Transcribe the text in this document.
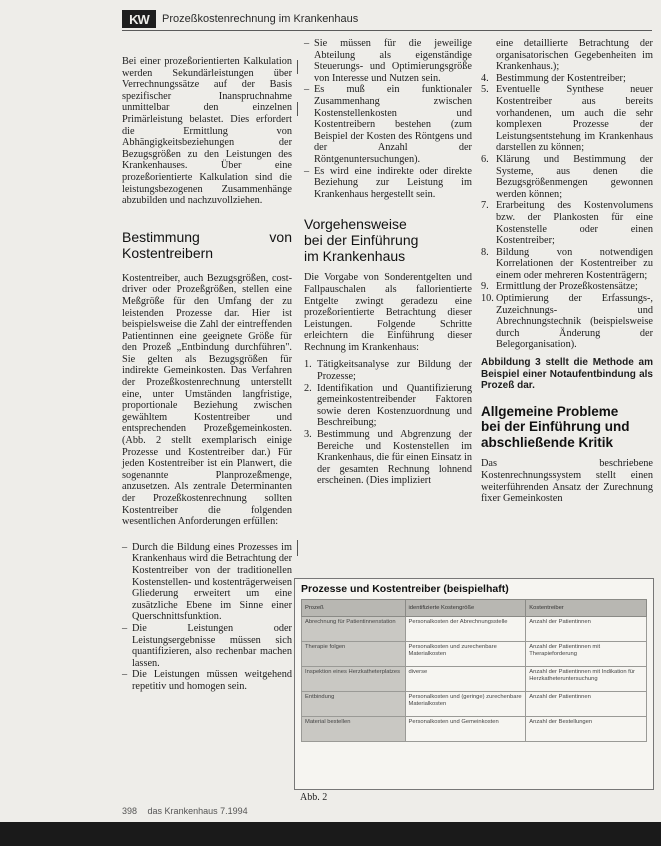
KW	Prozeßkostenrechnung im Krankenhaus

Bei einer prozeßorientierten Kalkulation werden Sekundärleistungen über Verrechnungssätze auf der Basis spezifischer Inanspruchnahme unmittelbar den einzelnen Primärleistung belastet. Dies erfordert die Ermittlung von Abhängigkeitsbeziehungen der Bezugsgrößen zu den Leistungen des Krankenhauses. Über eine prozeßorientierte Kalkulation sind die leistungsbezogenen Zusammenhänge abzubilden und nachzuvollziehen.

Bestimmung von Kostentreibern

Kostentreiber, auch Bezugsgrößen, cost-driver oder Prozeßgrößen, stellen eine Meßgröße für den Umfang der zu leistenden Prozesse dar. Hier ist beispielsweise die Zahl der eintreffenden Patientinnen eine geeignete Größe für den Prozeß „Entbindung durchführen". Sie gelten als Bezugsgrößen für indirekte Gemeinkosten. Das Verfahren der Prozeßkostenrechnung unterstellt eine, unter Umständen langfristige, proportionale Beziehung zwischen gewähltem Kostentreiber und entsprechenden Prozeßgemeinkosten. (Abb. 2 stellt exemplarisch einige Prozesse und Kostentreiber dar.) Für jeden Kostentreiber ist ein Planwert, die sogenannte Planprozeßmenge, anzusetzen. Als zentrale Determinanten der Prozeßkostenrechnung sollten Kostentreiber die folgenden wesentlichen Anforderungen erfüllen:

– Durch die Bildung eines Prozesses im Krankenhaus wird die Betrachtung der Kostentreiber von der traditionellen Kostenstellen- und kostenträgerweisen Gliederung erweitert um eine zusätzliche Ebene im Sinne einer Querschnittsfunktion.
– Die Leistungen oder Leistungsergebnisse müssen sich quantifizieren, also rechenbar machen lassen.
– Die Leistungen müssen weitgehend repetitiv und homogen sein.
– Sie müssen für die jeweilige Abteilung als eigenständige Steuerungs- und Optimierungsgröße von Interesse und Nutzen sein.
– Es muß ein funktionaler Zusammenhang zwischen Kostenstellenkosten und Kostentreibern bestehen (zum Beispiel der Kosten des Röntgens und der Anzahl der Röntgenuntersuchungen).
– Es wird eine indirekte oder direkte Beziehung zur Leistung im Krankenhaus hergestellt sein.
Vorgehensweise
bei der Einführung
im Krankenhaus

Die Vorgabe von Sonderentgelten und Fallpauschalen als fallorientierte Entgelte zwingt geradezu eine prozeßorientierte Betrachtung dieser Leistungen. Folgende Schritte erleichtern die Einführung dieser Rechnung im Krankenhaus:

1. Tätigkeitsanalyse zur Bildung der Prozesse;
2. Identifikation und Quantifizierung gemeinkostentreibender Faktoren sowie deren Kostenzuordnung und Beschreibung;
3. Bestimmung und Abgrenzung der Bereiche und Kostenstellen im Krankenhaus, die für einen Einsatz in der gesamten Rechnung lohnend erscheinen. (Dies impliziert
eine detaillierte Betrachtung der organisatorischen Gegebenheiten im Krankenhaus.);
4. Bestimmung der Kostentreiber;
5. Eventuelle Synthese neuer Kostentreiber aus bereits vorhandenen, um auch die sehr komplexen Prozesse der Leistungsentstehung im Krankenhaus darstellen zu können;
6. Klärung und Bestimmung der Systeme, aus denen die Bezugsgrößenmengen gewonnen werden können;
7. Erarbeitung des Kostenvolumens bzw. der Plankosten für eine Kostenstelle oder einen Kostentreiber;
8. Bildung von notwendigen Korrelationen der Kostentreiber zu einem oder mehreren Kostenträgern;
9. Ermittlung der Prozeßkostensätze;
10. Optimierung der Erfassungs-, Zuzeichnungs- und Abrechnungstechnik (beispielsweise durch Änderung der Belegorganisation).

Abbildung 3 stellt die Methode am Beispiel einer Notaufentbindung als Prozeß dar.

Allgemeine Probleme
bei der Einführung und
abschließende Kritik

Das beschriebene Kostenrechnungssystem stellt einen weiterführenden Ansatz der Zurechnung fixer Gemeinkosten

Prozesse und Kostentreiber (beispielhaft)
Prozeß	identifizierte Kostengröße	Kostentreiber
Abrechnung für Patientinnenstation	Personalkosten der Abrechnungsstelle	Anzahl der Patientinnen
Therapie folgen	Personalkosten und zurechenbare Materialkosten	Anzahl der Patientinnen mit Therapieforderung
Inspektion eines Herzkatheterplatzes	diverse	Anzahl der Patientinnen mit Indikation für Herzkatheteruntersuchung
Entbindung	Personalkosten und (geringe) zurechenbare Materialkosten	Anzahl der Patientinnen
Material bestellen	Personalkosten und Gemeinkosten	Anzahl der Bestellungen
Abb. 2
398 das Krankenhaus 7.1994
